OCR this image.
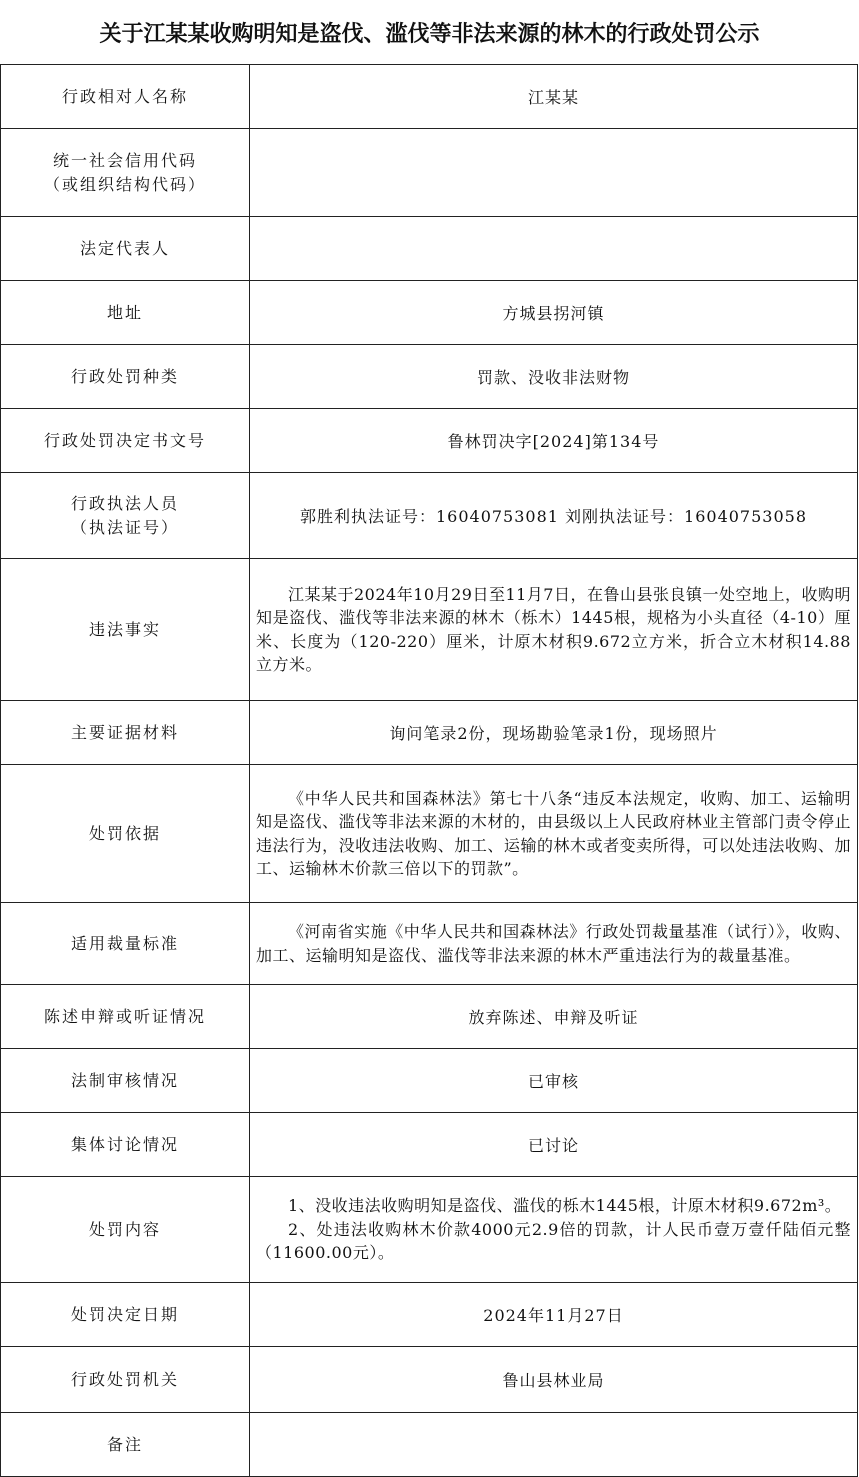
关于江某某收购明知是盗伐、滥伐等非法来源的林木的行政处罚公示
行政相对人名称	江某某

统一社会信用代码
（或组织结构代码）	

法定代表人	

地址	方城县拐河镇

行政处罚种类	罚款、没收非法财物

行政处罚决定书文号	鲁林罚决字[2024]第134号

行政执法人员
（执法证号）	郭胜利执法证号：16040753081 刘刚执法证号：16040753058

违法事实	江某某于2024年10月29日至11月7日，在鲁山县张良镇一处空地上，收购明知是盗伐、滥伐等非法来源的林木（栎木）1445根，规格为小头直径（4-10）厘米、长度为（120-220）厘米，计原木材积9.672立方米，折合立木材积14.88立方米。

主要证据材料	询问笔录2份，现场勘验笔录1份，现场照片

处罚依据	《中华人民共和国森林法》第七十八条“违反本法规定，收购、加工、运输明知是盗伐、滥伐等非法来源的木材的，由县级以上人民政府林业主管部门责令停止违法行为，没收违法收购、加工、运输的林木或者变卖所得，可以处违法收购、加工、运输林木价款三倍以下的罚款”。

适用裁量标准	《河南省实施《中华人民共和国森林法》行政处罚裁量基准（试行）》，收购、加工、运输明知是盗伐、滥伐等非法来源的林木严重违法行为的裁量基准。

陈述申辩或听证情况	放弃陈述、申辩及听证

法制审核情况	已审核

集体讨论情况	已讨论

处罚内容	1、没收违法收购明知是盗伐、滥伐的栎木1445根，计原木材积9.672m³。

2、处违法收购林木价款4000元2.9倍的罚款，计人民币壹万壹仟陆佰元整（11600.00元）。

处罚决定日期	2024年11月27日

行政处罚机关	鲁山县林业局

备注	
